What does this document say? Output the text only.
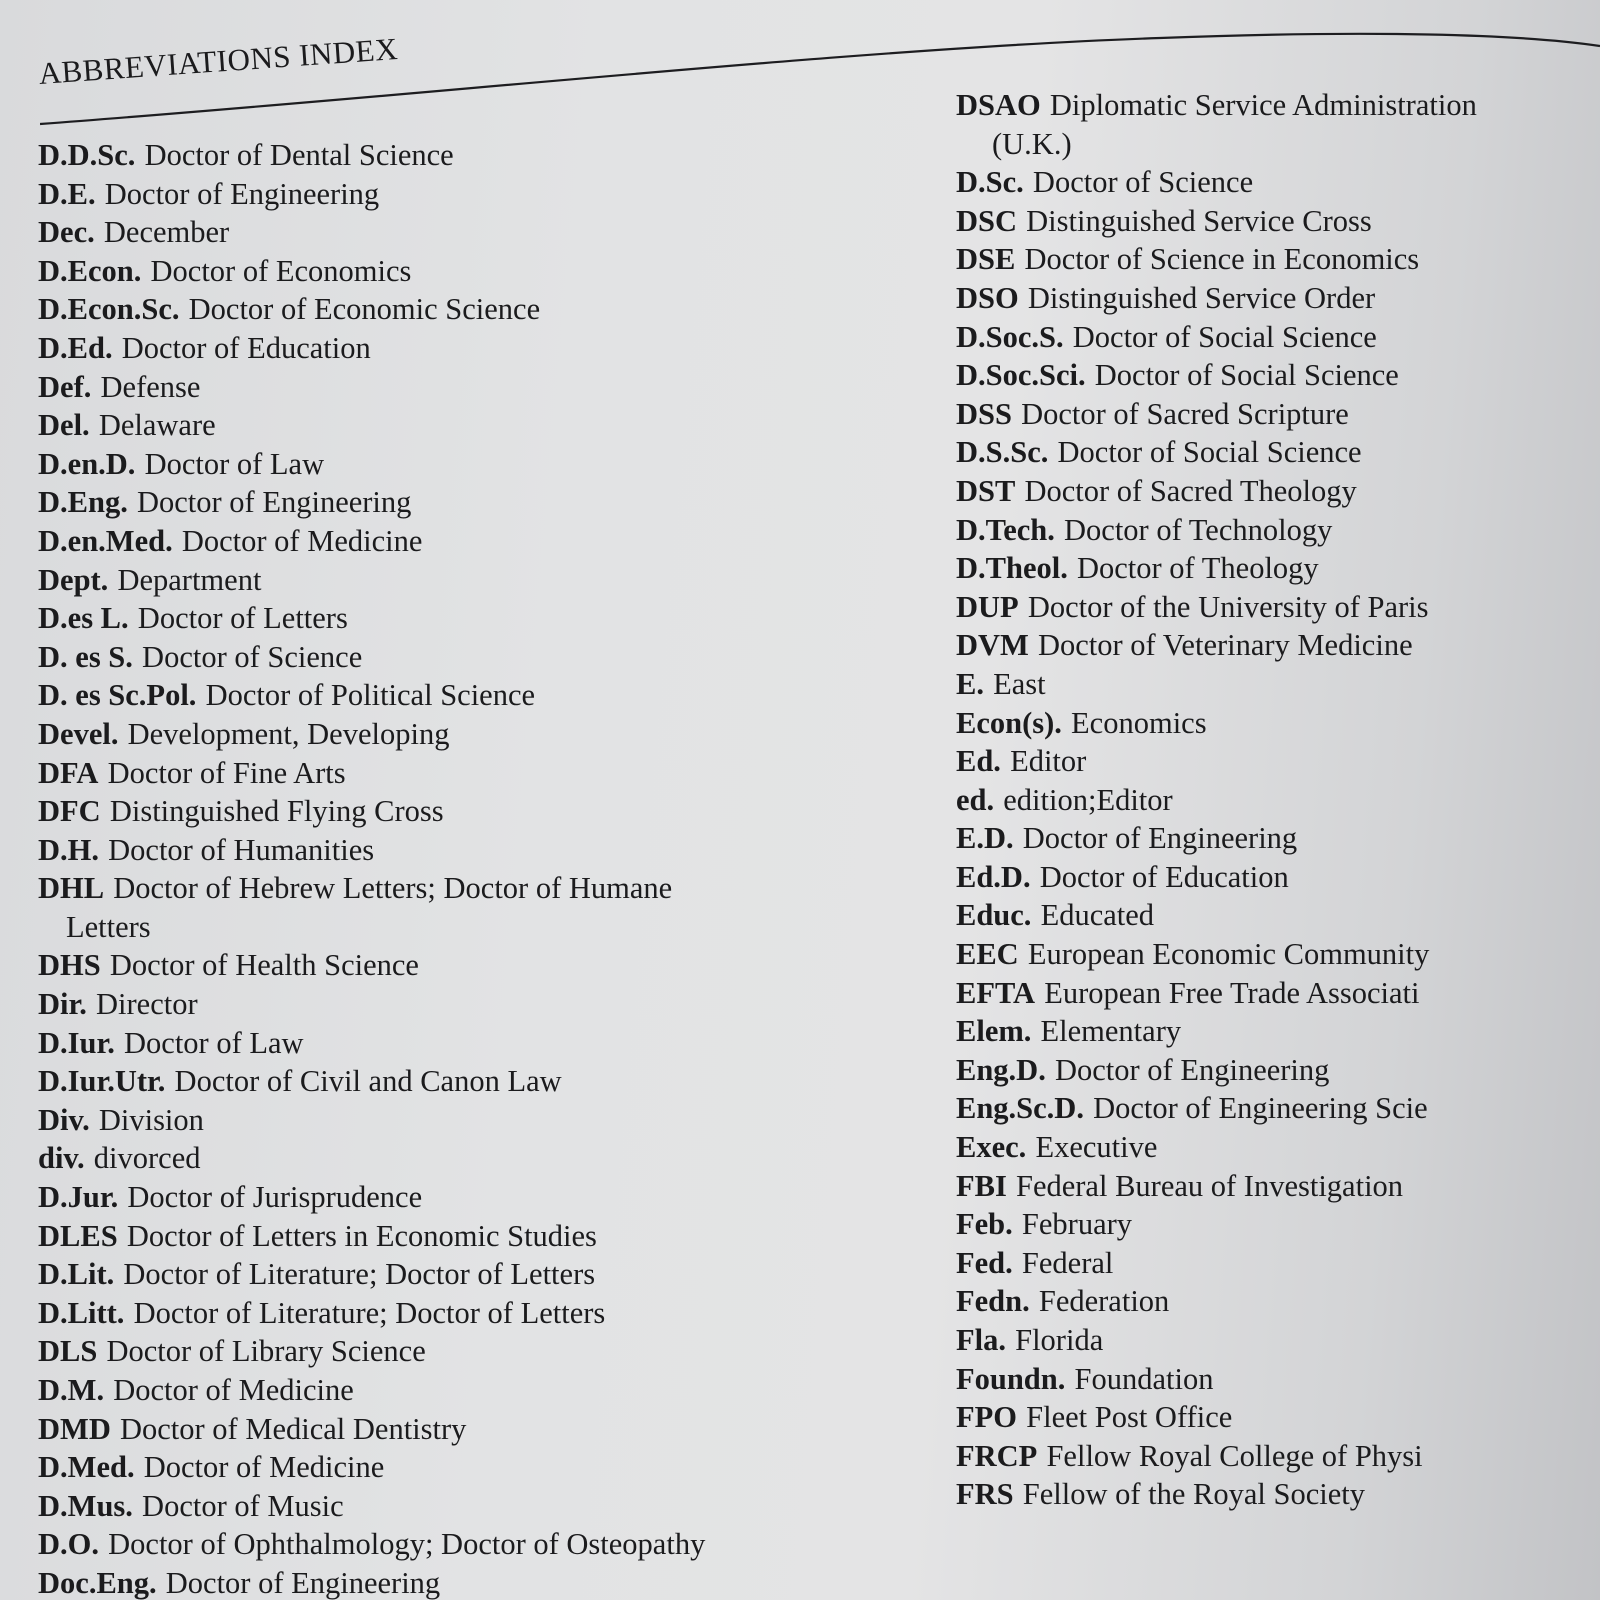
ABBREVIATIONS INDEX
D.D.Sc. Doctor of Dental Science
D.E. Doctor of Engineering
Dec. December
D.Econ. Doctor of Economics
D.Econ.Sc. Doctor of Economic Science
D.Ed. Doctor of Education
Def. Defense
Del. Delaware
D.en.D. Doctor of Law
D.Eng. Doctor of Engineering
D.en.Med. Doctor of Medicine
Dept. Department
D.es L. Doctor of Letters
D. es S. Doctor of Science
D. es Sc.Pol. Doctor of Political Science
Devel. Development, Developing
DFA Doctor of Fine Arts
DFC Distinguished Flying Cross
D.H. Doctor of Humanities
DHL Doctor of Hebrew Letters; Doctor of Humane
Letters
DHS Doctor of Health Science
Dir. Director
D.Iur. Doctor of Law
D.Iur.Utr. Doctor of Civil and Canon Law
Div. Division
div. divorced
D.Jur. Doctor of Jurisprudence
DLES Doctor of Letters in Economic Studies
D.Lit. Doctor of Literature; Doctor of Letters
D.Litt. Doctor of Literature; Doctor of Letters
DLS Doctor of Library Science
D.M. Doctor of Medicine
DMD Doctor of Medical Dentistry
D.Med. Doctor of Medicine
D.Mus. Doctor of Music
D.O. Doctor of Ophthalmology; Doctor of Osteopathy
Doc.Eng. Doctor of Engineering
DSAO Diplomatic Service Administration
(U.K.)
D.Sc. Doctor of Science
DSC Distinguished Service Cross
DSE Doctor of Science in Economics
DSO Distinguished Service Order
D.Soc.S. Doctor of Social Science
D.Soc.Sci. Doctor of Social Science
DSS Doctor of Sacred Scripture
D.S.Sc. Doctor of Social Science
DST Doctor of Sacred Theology
D.Tech. Doctor of Technology
D.Theol. Doctor of Theology
DUP Doctor of the University of Paris
DVM Doctor of Veterinary Medicine
E. East
Econ(s). Economics
Ed. Editor
ed. edition;Editor
E.D. Doctor of Engineering
Ed.D. Doctor of Education
Educ. Educated
EEC European Economic Community
EFTA European Free Trade Associati
Elem. Elementary
Eng.D. Doctor of Engineering
Eng.Sc.D. Doctor of Engineering Scie
Exec. Executive
FBI Federal Bureau of Investigation
Feb. February
Fed. Federal
Fedn. Federation
Fla. Florida
Foundn. Foundation
FPO Fleet Post Office
FRCP Fellow Royal College of Physi
FRS Fellow of the Royal Society
